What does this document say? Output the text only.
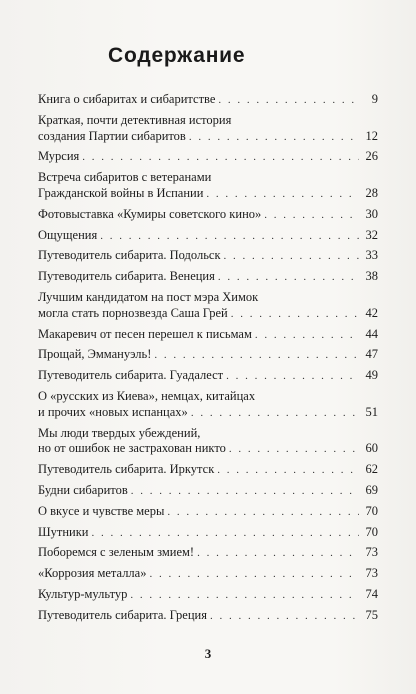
Содержание
Книга о сибаритах и сибаритстве . . .	9
Краткая, почти детективная история
создания Партии сибаритов . . .	12
Мурсия . . .	26
Встреча сибаритов с ветеранами
Гражданской войны в Испании . . .	28
Фотовыставка «Кумиры советского кино» . . .	30
Ощущения . . .	32
Путеводитель сибарита. Подольск . . .	33
Путеводитель сибарита. Венеция . . .	38
Лучшим кандидатом на пост мэра Химок
могла стать порнозвезда Саша Грей . . .	42
Макаревич от песен перешел к письмам . . .	44
Прощай, Эммануэль! . . .	47
Путеводитель сибарита. Гуадалест . . .	49
О «русских из Киева», немцах, китайцах
и прочих «новых испанцах» . . .	51
Мы люди твердых убеждений,
но от ошибок не застрахован никто . . .	60
Путеводитель сибарита. Иркутск . . .	62
Будни сибаритов . . .	69
О вкусе и чувстве меры . . .	70
Шутники . . .	70
Поборемся с зеленым змием! . . .	73
«Коррозия металла» . . .	73
Культур-мультур . . .	74
Путеводитель сибарита. Греция . . .	75
3
